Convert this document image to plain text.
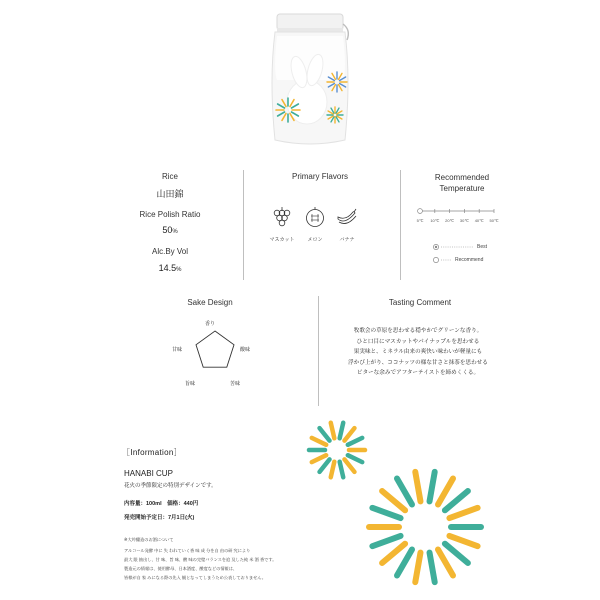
Rice
山田錦
Rice Polish Ratio
50%
Alc.By Vol
14.5%
Primary Flavors
マスカット	メロン	バナナ
Recommended
Temperature
5℃	10℃	20℃	30℃	40℃	50℃
Best
Recommend
Sake Design
香り
酸味
苦味
旨味
甘味
Tasting Comment
牧歌会の草原を思わせる穏やかでグリーンな香り。
ひと口目にマスカットやパイナップルを思わせる
果実味と、ミネラル由来の爽快い味わいが軽量にも
浮かび上がり、ココナッツの様な甘さと抹茶を思わせる
ビターな余みでアフターテイストを締めくくる。
［Information］
HANABI CUP
花火の季節限定の特別デザインです。
内容量：100ml　価格：440円
発売開始予定日：7月1日(火)
※大吟醸造のお酒について
アルコール発酵 中に 失 われていく香 味 成 分を自 由の研 究により
最大 限 抽出し、甘 味、旨 味、酸 味の完璧バランスを追 及した純 米 酒 香です。
製造元の情報は、使用酵母、日本酒度、酸度などの情報は、
皆様が自 家 みになる際の先入 観となってしまうため公表しておりません。
